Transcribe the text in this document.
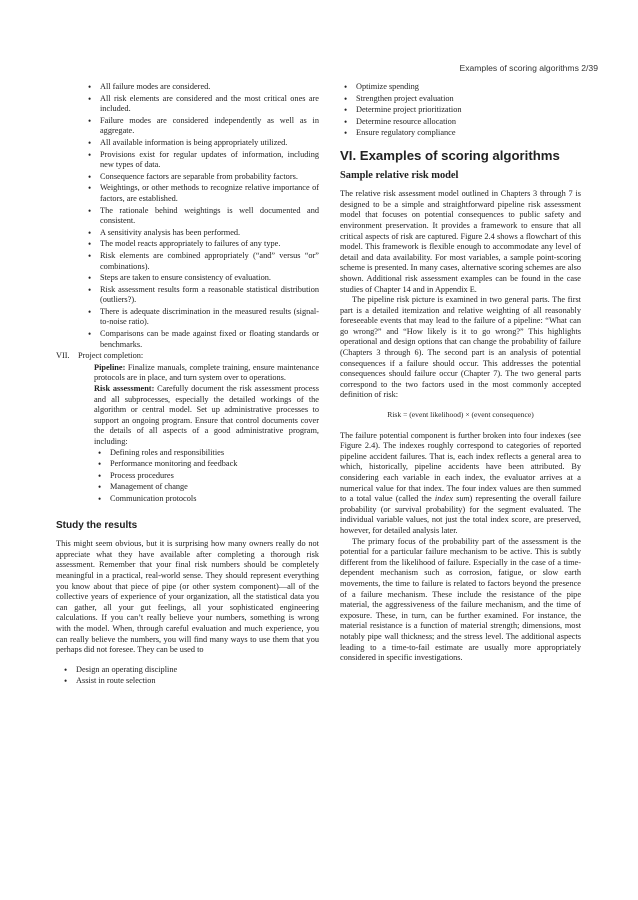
Examples of scoring algorithms 2/39
• All failure modes are considered.
• All risk elements are considered and the most critical ones are included.
• Failure modes are considered independently as well as in aggregate.
• All available information is being appropriately utilized.
• Provisions exist for regular updates of information, including new types of data.
• Consequence factors are separable from probability factors.
• Weightings, or other methods to recognize relative importance of factors, are established.
• The rationale behind weightings is well documented and consistent.
• A sensitivity analysis has been performed.
• The model reacts appropriately to failures of any type.
• Risk elements are combined appropriately (“and” versus “or” combinations).
• Steps are taken to ensure consistency of evaluation.
• Risk assessment results form a reasonable statistical distribution (outliers?).
• There is adequate discrimination in the measured results (signal-to-noise ratio).
• Comparisons can be made against fixed or floating standards or benchmarks.
VII. Project completion:

Pipeline: Finalize manuals, complete training, ensure maintenance protocols are in place, and turn system over to operations.

Risk assessment: Carefully document the risk assessment process and all subprocesses, especially the detailed workings of the algorithm or central model. Set up administrative processes to support an ongoing program. Ensure that control documents cover the details of all aspects of a good administrative program, including:

• Defining roles and responsibilities
• Performance monitoring and feedback
• Process procedures
• Management of change
• Communication protocols
Study the results

This might seem obvious, but it is surprising how many owners really do not appreciate what they have available after completing a thorough risk assessment. Remember that your final risk numbers should be completely meaningful in a practical, real-world sense. They should represent everything you know about that piece of pipe (or other system component)—all of the collective years of experience of your organization, all the statistical data you can gather, all your gut feelings, all your sophisticated engineering calculations. If you can’t really believe your numbers, something is wrong with the model. When, through careful evaluation and much experience, you can really believe the numbers, you will find many ways to use them that you perhaps did not foresee. They can be used to

• Design an operating discipline
• Assist in route selection
• Optimize spending
• Strengthen project evaluation
• Determine project prioritization
• Determine resource allocation
• Ensure regulatory compliance
VI. Examples of scoring algorithms
Sample relative risk model

The relative risk assessment model outlined in Chapters 3 through 7 is designed to be a simple and straightforward pipeline risk assessment model that focuses on potential consequences to public safety and environment preservation. It provides a framework to ensure that all critical aspects of risk are captured. Figure 2.4 shows a flowchart of this model. This framework is flexible enough to accommodate any level of detail and data availability. For most variables, a sample point-scoring scheme is presented. In many cases, alternative scoring schemes are also shown. Additional risk assessment examples can be found in the case studies of Chapter 14 and in Appendix E.

The pipeline risk picture is examined in two general parts. The first part is a detailed itemization and relative weighting of all reasonably foreseeable events that may lead to the failure of a pipeline: “What can go wrong?” and “How likely is it to go wrong?” This highlights operational and design options that can change the probability of failure (Chapters 3 through 6). The second part is an analysis of potential consequences if a failure should occur. This addresses the potential consequences should failure occur (Chapter 7). The two general parts correspond to the two factors used in the most commonly accepted definition of risk:

Risk = (event likelihood) × (event consequence)

The failure potential component is further broken into four indexes (see Figure 2.4). The indexes roughly correspond to categories of reported pipeline accident failures. That is, each index reflects a general area to which, historically, pipeline accidents have been attributed. By considering each variable in each index, the evaluator arrives at a numerical value for that index. The four index values are then summed to a total value (called the index sum) representing the overall failure probability (or survival probability) for the segment evaluated. The individual variable values, not just the total index score, are preserved, however, for detailed analysis later.

The primary focus of the probability part of the assessment is the potential for a particular failure mechanism to be active. This is subtly different from the likelihood of failure. Especially in the case of a time-dependent mechanism such as corrosion, fatigue, or slow earth movements, the time to failure is related to factors beyond the presence of a failure mechanism. These include the resistance of the pipe material, the aggressiveness of the failure mechanism, and the time of exposure. These, in turn, can be further examined. For instance, the material resistance is a function of material strength; dimensions, most notably pipe wall thickness; and the stress level. The additional aspects leading to a time-to-fail estimate are usually more appropriately considered in specific investigations.
